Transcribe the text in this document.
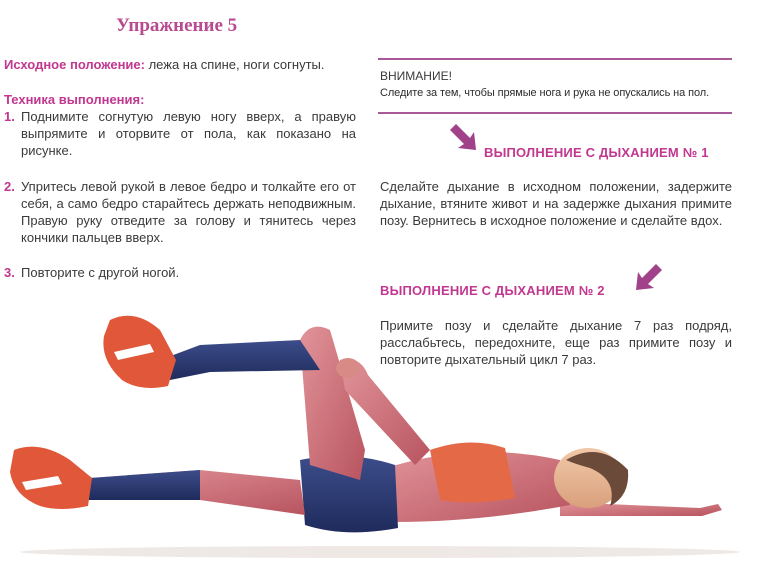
Упражнение 5
Исходное положение: лежа на спине, ноги согнуты.
Техника выполнения:
1. Поднимите согнутую левую ногу вверх, а правую выпрямите и оторвите от пола, как показано на рисунке.
2. Упритесь левой рукой в левое бедро и толкайте его от себя, а само бедро старайтесь держать неподвижным. Правую руку отведите за голову и тянитесь через кончики пальцев вверх.
3. Повторите с другой ногой.
ВНИМАНИЕ!
Следите за тем, чтобы прямые нога и рука не опускались на пол.
ВЫПОЛНЕНИЕ С ДЫХАНИЕМ № 1
Сделайте дыхание в исходном положении, задержите дыхание, втяните живот и на задержке дыхания примите позу. Вернитесь в исходное положение и сделайте вдох.
ВЫПОЛНЕНИЕ С ДЫХАНИЕМ № 2
Примите позу и сделайте дыхание 7 раз подряд, расслабьтесь, передохните, еще раз примите позу и повторите дыхательный цикл 7 раз.
